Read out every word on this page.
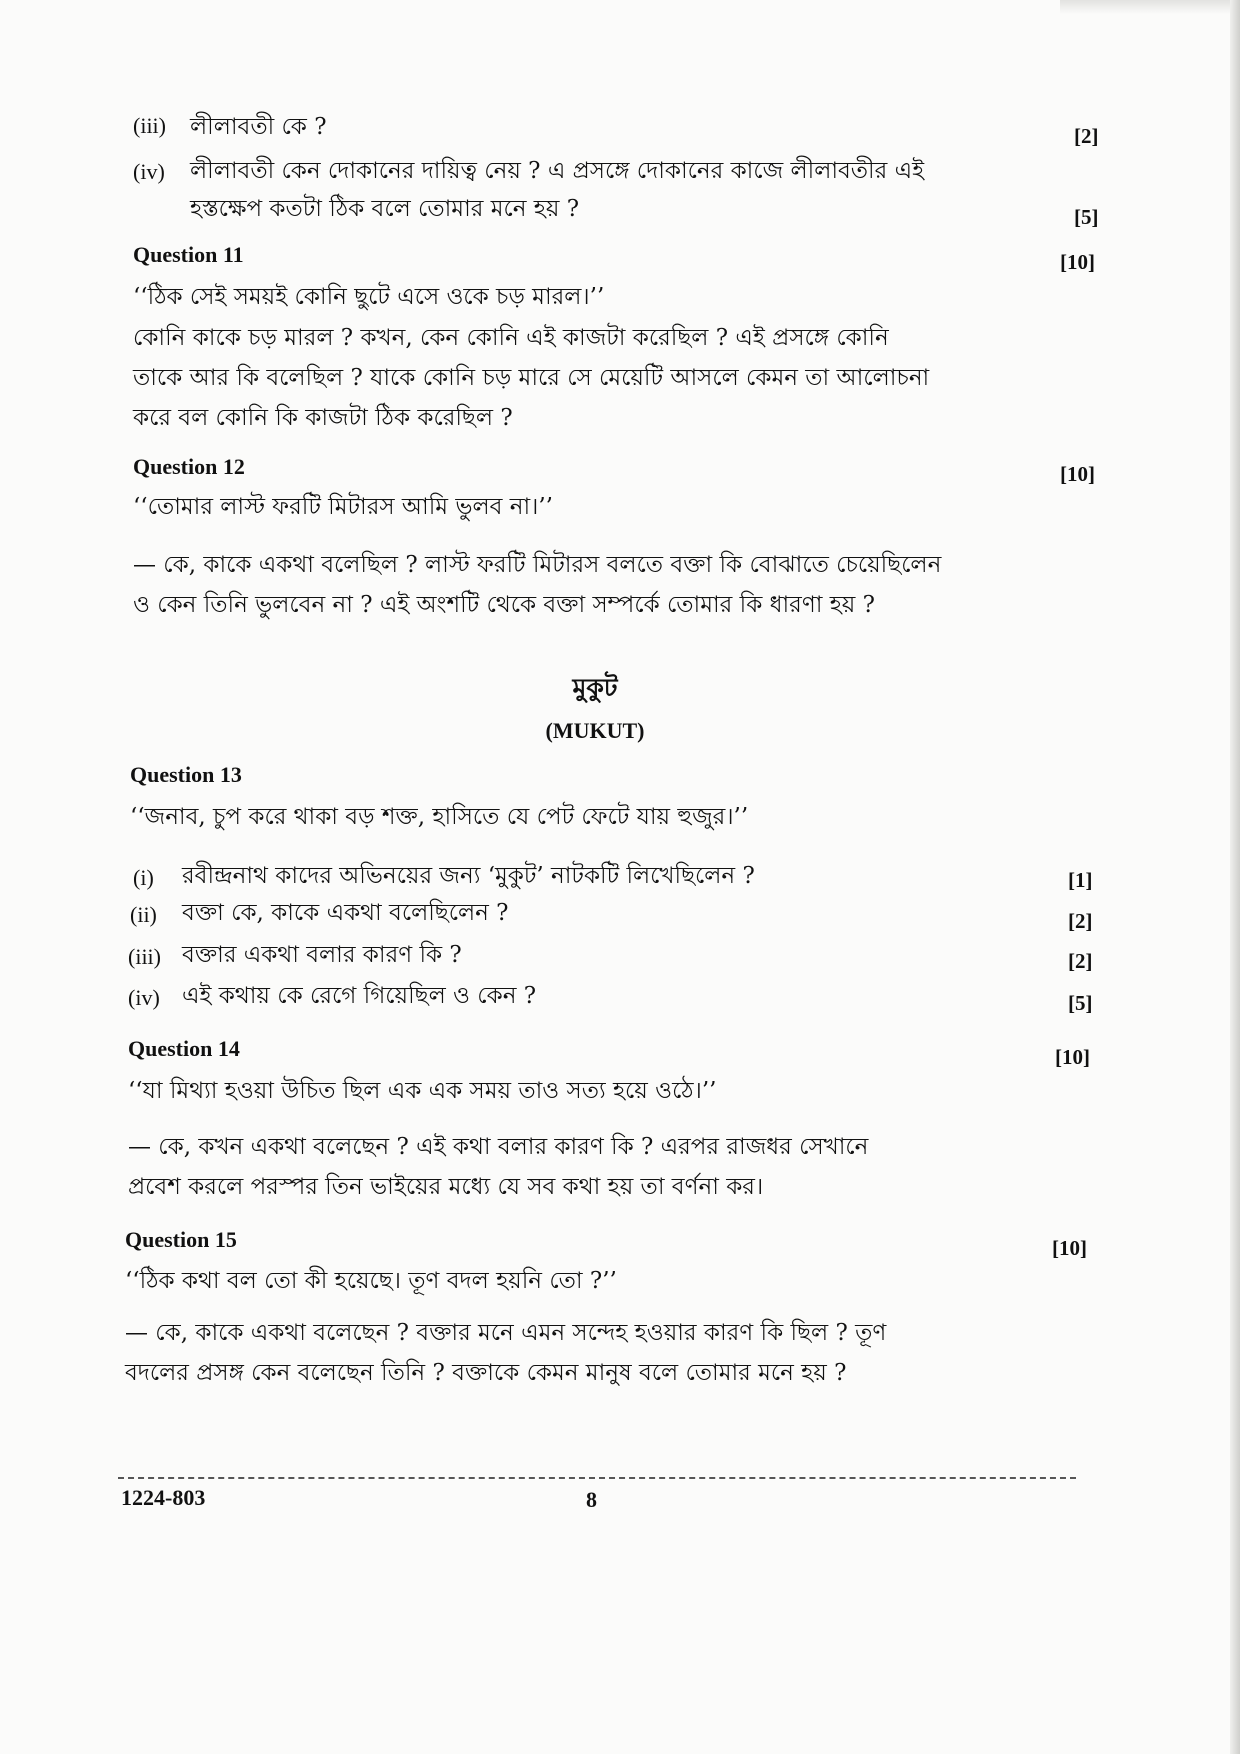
(iii) লীলাবতী কে ?	[2]
(iv) লীলাবতী কেন দোকানের দায়িত্ব নেয় ? এ প্রসঙ্গে দোকানের কাজে লীলাবতীর এই
হস্তক্ষেপ কতটা ঠিক বলে তোমার মনে হয় ?	[5]
Question 11	[10]
‘‘ঠিক সেই সময়ই কোনি ছুটে এসে ওকে চড় মারল।’’
কোনি কাকে চড় মারল ? কখন, কেন কোনি এই কাজটা করেছিল ? এই প্রসঙ্গে কোনি
তাকে আর কি বলেছিল ? যাকে কোনি চড় মারে সে মেয়েটি আসলে কেমন তা আলোচনা
করে বল কোনি কি কাজটা ঠিক করেছিল ?
Question 12	[10]
‘‘তোমার লাস্ট ফরটি মিটারস আমি ভুলব না।’’
— কে, কাকে একথা বলেছিল ? লাস্ট ফরটি মিটারস বলতে বক্তা কি বোঝাতে চেয়েছিলেন
ও কেন তিনি ভুলবেন না ? এই অংশটি থেকে বক্তা সম্পর্কে তোমার কি ধারণা হয় ?
মুকুট
(MUKUT)
Question 13
‘‘জনাব, চুপ করে থাকা বড় শক্ত, হাসিতে যে পেট ফেটে যায় হুজুর।’’
(i) রবীন্দ্রনাথ কাদের অভিনয়ের জন্য ‘মুকুট’ নাটকটি লিখেছিলেন ?	[1]
(ii) বক্তা কে, কাকে একথা বলেছিলেন ?	[2]
(iii) বক্তার একথা বলার কারণ কি ?	[2]
(iv) এই কথায় কে রেগে গিয়েছিল ও কেন ?	[5]
Question 14	[10]
‘‘যা মিথ্যা হওয়া উচিত ছিল এক এক সময় তাও সত্য হয়ে ওঠে।’’
— কে, কখন একথা বলেছেন ? এই কথা বলার কারণ কি ? এরপর রাজধর সেখানে
প্রবেশ করলে পরস্পর তিন ভাইয়ের মধ্যে যে সব কথা হয় তা বর্ণনা কর।
Question 15	[10]
‘‘ঠিক কথা বল তো কী হয়েছে। তূণ বদল হয়নি তো ?’’
— কে, কাকে একথা বলেছেন ? বক্তার মনে এমন সন্দেহ হওয়ার কারণ কি ছিল ? তূণ
বদলের প্রসঙ্গ কেন বলেছেন তিনি ? বক্তাকে কেমন মানুষ বলে তোমার মনে হয় ?
1224-803	8
